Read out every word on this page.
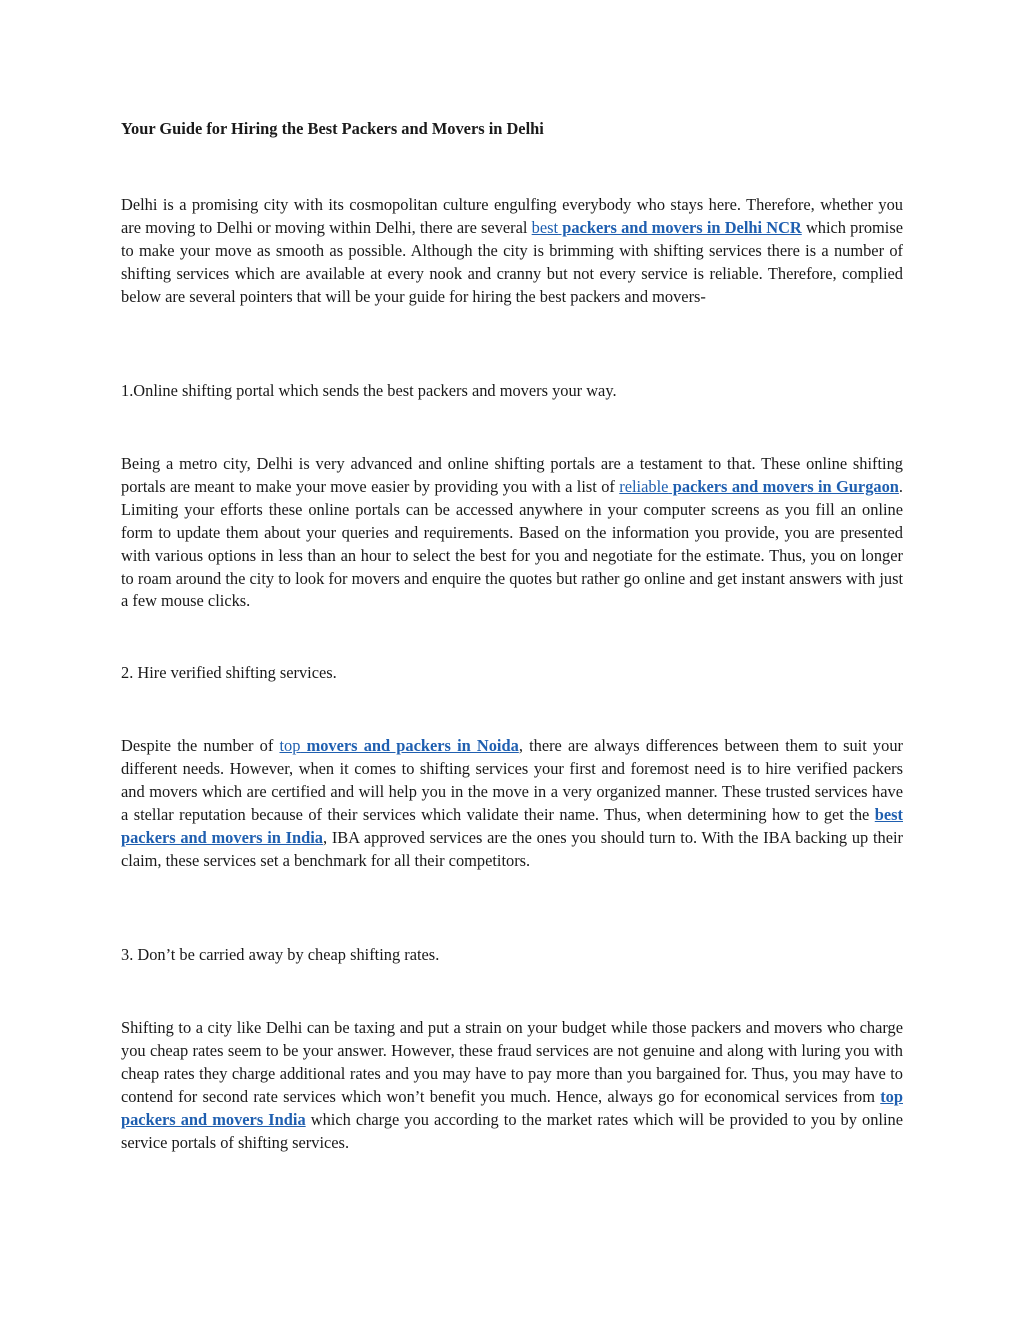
Your Guide for Hiring the Best Packers and Movers in Delhi

Delhi is a promising city with its cosmopolitan culture engulfing everybody who stays here. Therefore, whether you are moving to Delhi or moving within Delhi, there are several best packers and movers in Delhi NCR which promise to make your move as smooth as possible. Although the city is brimming with shifting services there is a number of shifting services which are available at every nook and cranny but not every service is reliable. Therefore, complied below are several pointers that will be your guide for hiring the best packers and movers-

1.Online shifting portal which sends the best packers and movers your way.

Being a metro city, Delhi is very advanced and online shifting portals are a testament to that. These online shifting portals are meant to make your move easier by providing you with a list of reliable packers and movers in Gurgaon. Limiting your efforts these online portals can be accessed anywhere in your computer screens as you fill an online form to update them about your queries and requirements. Based on the information you provide, you are presented with various options in less than an hour to select the best for you and negotiate for the estimate. Thus, you on longer to roam around the city to look for movers and enquire the quotes but rather go online and get instant answers with just a few mouse clicks.

2. Hire verified shifting services.

Despite the number of top movers and packers in Noida, there are always differences between them to suit your different needs. However, when it comes to shifting services your first and foremost need is to hire verified packers and movers which are certified and will help you in the move in a very organized manner. These trusted services have a stellar reputation because of their services which validate their name. Thus, when determining how to get the best packers and movers in India, IBA approved services are the ones you should turn to. With the IBA backing up their claim, these services set a benchmark for all their competitors.

3. Don’t be carried away by cheap shifting rates.

Shifting to a city like Delhi can be taxing and put a strain on your budget while those packers and movers who charge you cheap rates seem to be your answer. However, these fraud services are not genuine and along with luring you with cheap rates they charge additional rates and you may have to pay more than you bargained for. Thus, you may have to contend for second rate services which won’t benefit you much. Hence, always go for economical services from top packers and movers India which charge you according to the market rates which will be provided to you by online service portals of shifting services.
